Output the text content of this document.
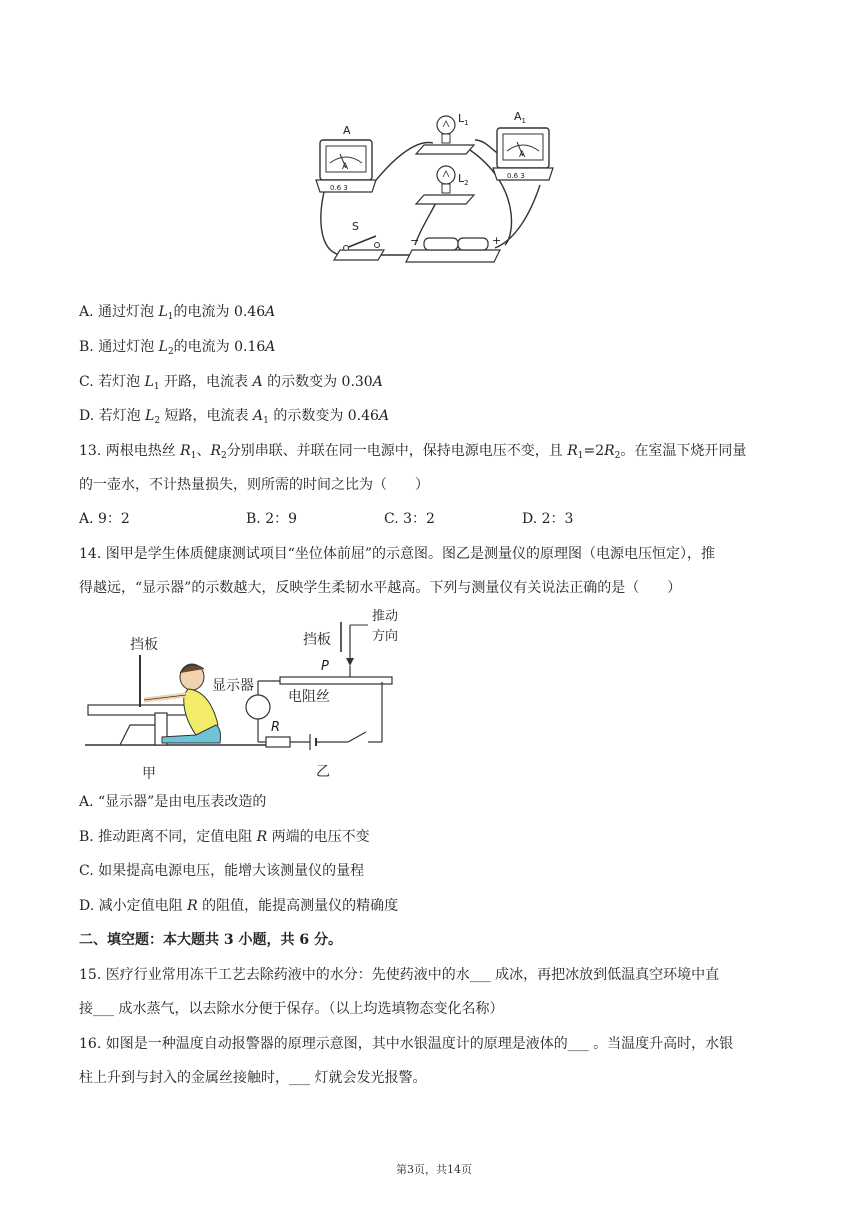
A
A
0.6 3
$A_1$
A
0.6 3
$L_1$
$L_2$
S
−	+
A. 通过灯泡 $L_1$的电流为 0.46A
B. 通过灯泡 $L_2$的电流为 0.16A
C. 若灯泡 $L_1$ 开路，电流表 A 的示数变为 0.30A
D. 若灯泡 $L_2$ 短路，电流表 $A_1$ 的示数变为 0.46A
13. 两根电热丝 $R_1$、$R_2$分别串联、并联在同一电源中，保持电源电压不变，且 $R_1=2R_2$。在室温下烧开同量
的一壶水，不计热量损失，则所需的时间之比为（　　）
A. 9：2	B. 2：9	C. 3：2	D. 2：3
14. 图甲是学生体质健康测试项目“坐位体前屈”的示意图。图乙是测量仪的原理图（电源电压恒定），推
得越远，“显示器”的示数越大，反映学生柔韧水平越高。下列与测量仪有关说法正确的是（　　）
挡板
甲
挡板
推动
方向
P
电阻丝
显示器
R
乙
A. “显示器”是由电压表改造的
B. 推动距离不同，定值电阻 R 两端的电压不变
C. 如果提高电源电压，能增大该测量仪的量程
D. 减小定值电阻 R 的阻值，能提高测量仪的精确度
二、填空题：本大题共 3 小题，共 6 分。
15. 医疗行业常用冻干工艺去除药液中的水分：先使药液中的水___ 成冰，再把冰放到低温真空环境中直
接___ 成水蒸气，以去除水分便于保存。（以上均选填物态变化名称）
16. 如图是一种温度自动报警器的原理示意图，其中水银温度计的原理是液体的___ 。当温度升高时，水银
柱上升到与封入的金属丝接触时，___ 灯就会发光报警。
第3页，共14页
